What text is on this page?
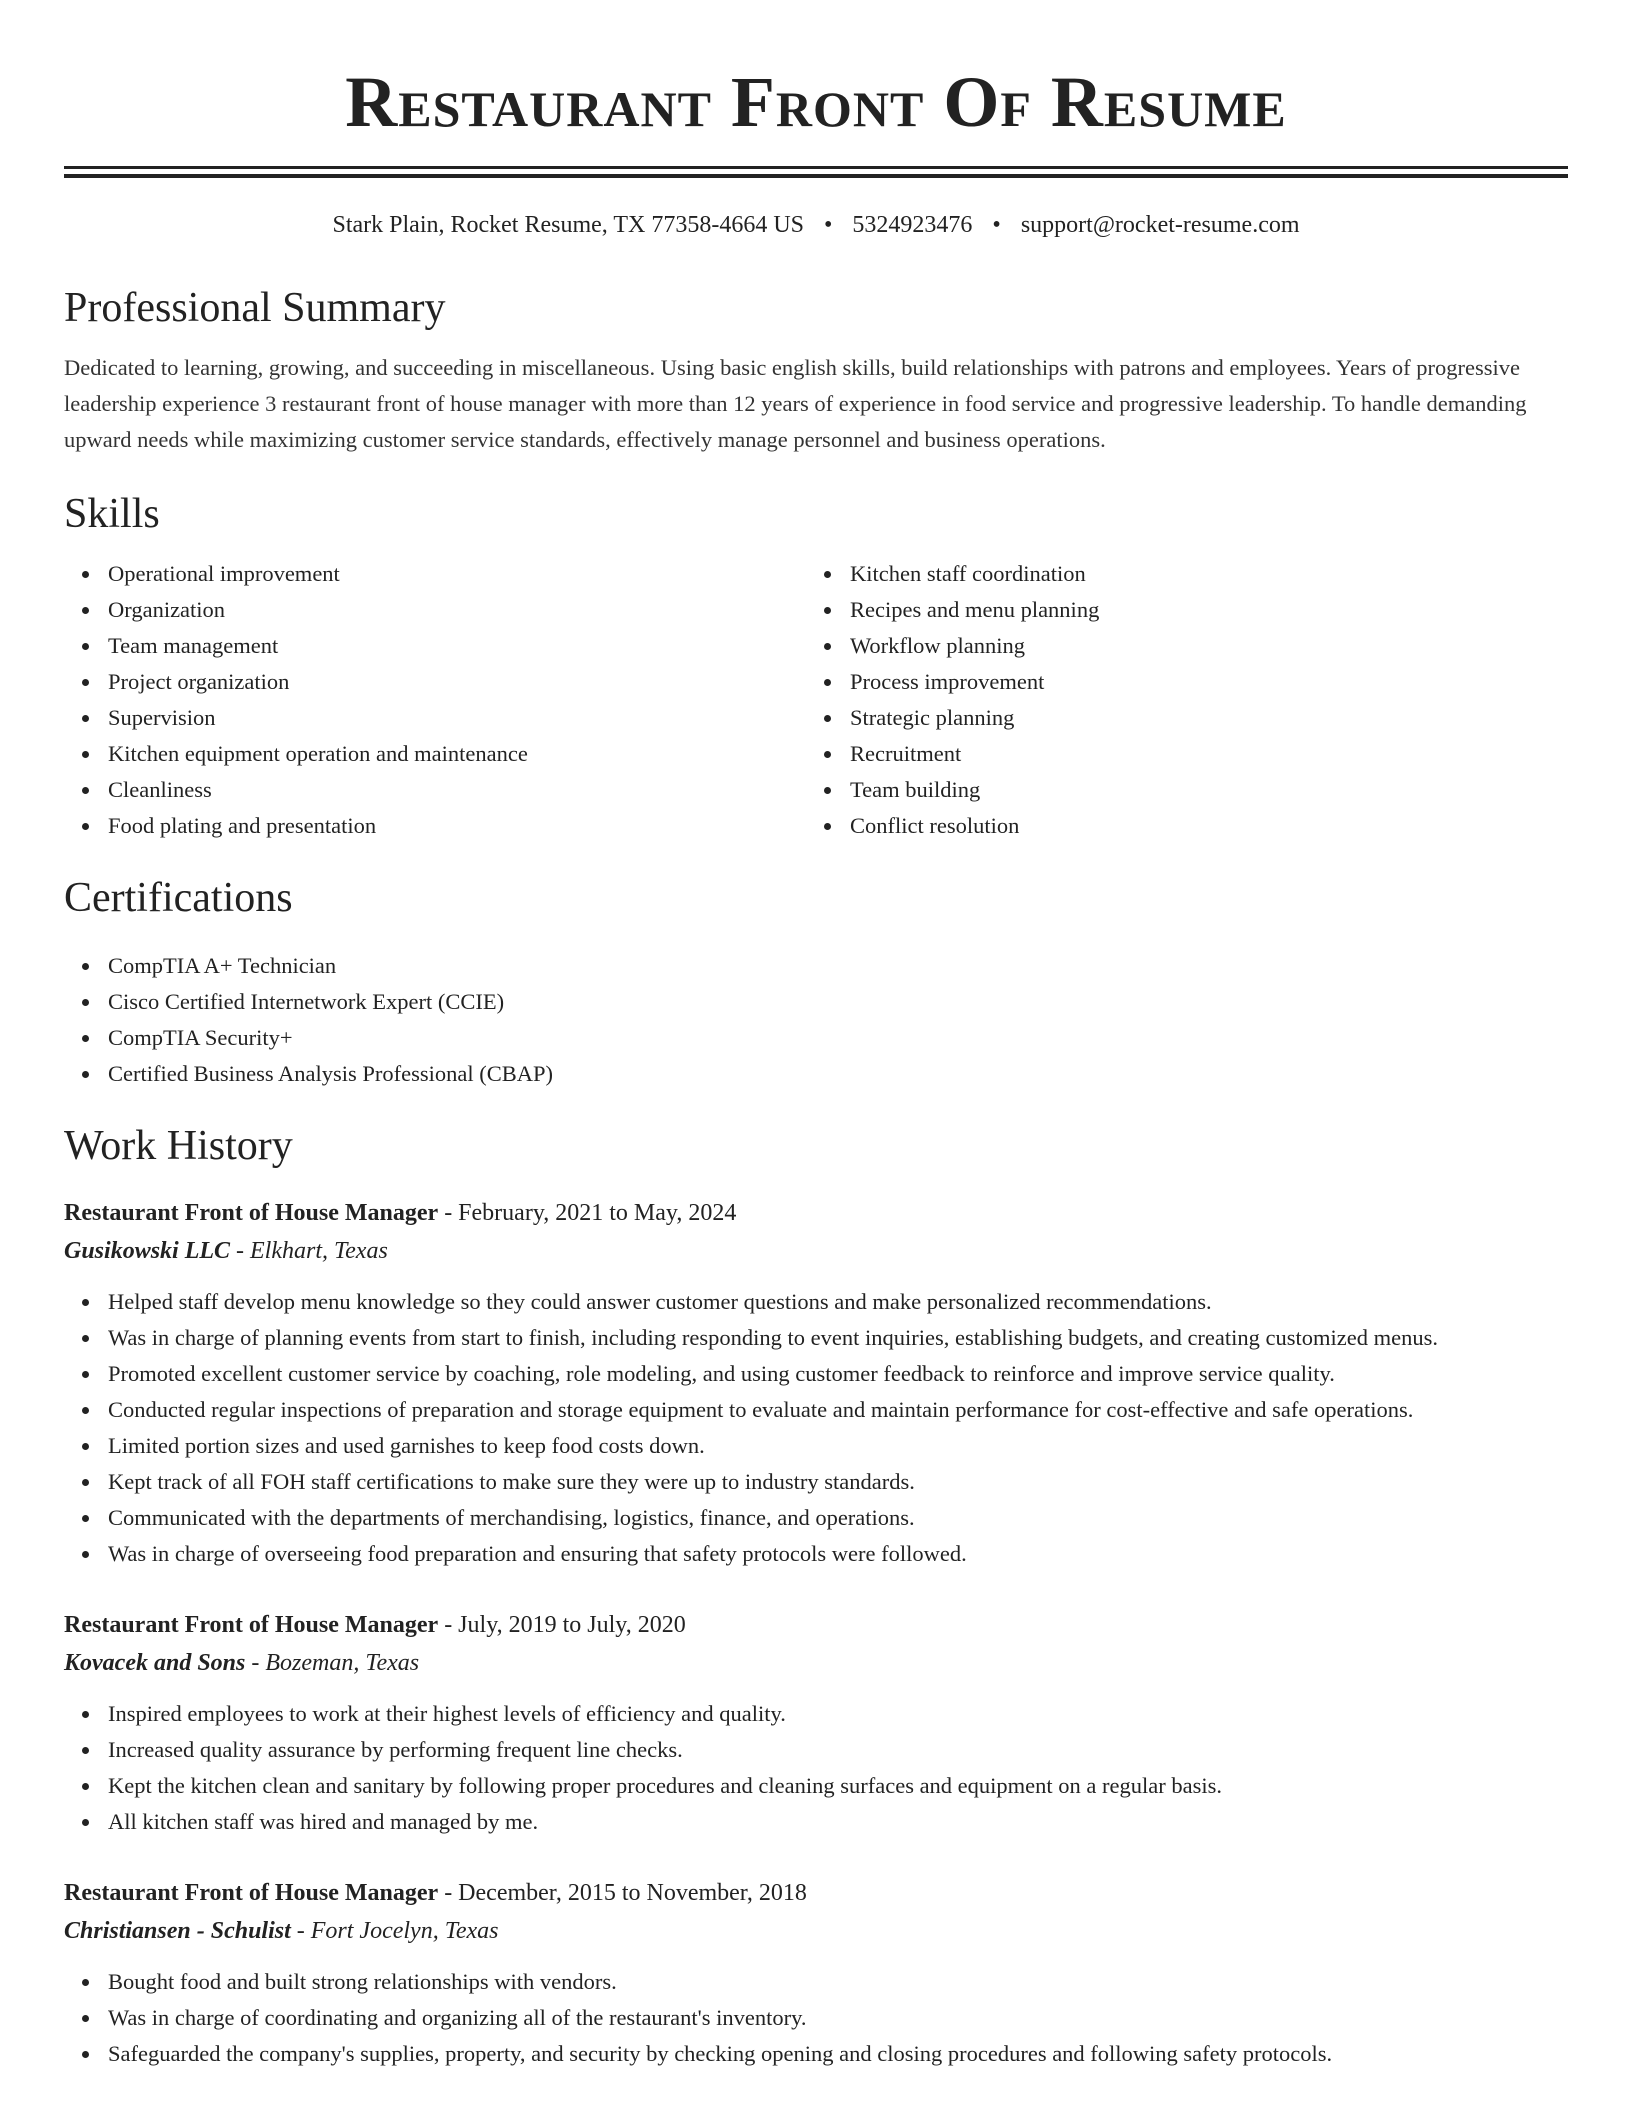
Restaurant Front Of Resume
Stark Plain, Rocket Resume, TX 77358-4664 US • 5324923476 • support@rocket-resume.com
Professional Summary

Dedicated to learning, growing, and succeeding in miscellaneous. Using basic english skills, build relationships with patrons and employees. Years of progressive leadership experience 3 restaurant front of house manager with more than 12 years of experience in food service and progressive leadership. To handle demanding upward needs while maximizing customer service standards, effectively manage personnel and business operations.

Skills
Operational improvement
Organization
Team management
Project organization
Supervision
Kitchen equipment operation and maintenance
Cleanliness
Food plating and presentation
Kitchen staff coordination
Recipes and menu planning
Workflow planning
Process improvement
Strategic planning
Recruitment
Team building
Conflict resolution
Certifications
CompTIA A+ Technician
Cisco Certified Internetwork Expert (CCIE)
CompTIA Security+
Certified Business Analysis Professional (CBAP)
Work History
Restaurant Front of House Manager - February, 2021 to May, 2024
Gusikowski LLC - Elkhart, Texas
Helped staff develop menu knowledge so they could answer customer questions and make personalized recommendations.
Was in charge of planning events from start to finish, including responding to event inquiries, establishing budgets, and creating customized menus.
Promoted excellent customer service by coaching, role modeling, and using customer feedback to reinforce and improve service quality.
Conducted regular inspections of preparation and storage equipment to evaluate and maintain performance for cost-effective and safe operations.
Limited portion sizes and used garnishes to keep food costs down.
Kept track of all FOH staff certifications to make sure they were up to industry standards.
Communicated with the departments of merchandising, logistics, finance, and operations.
Was in charge of overseeing food preparation and ensuring that safety protocols were followed.
Restaurant Front of House Manager - July, 2019 to July, 2020
Kovacek and Sons - Bozeman, Texas
Inspired employees to work at their highest levels of efficiency and quality.
Increased quality assurance by performing frequent line checks.
Kept the kitchen clean and sanitary by following proper procedures and cleaning surfaces and equipment on a regular basis.
All kitchen staff was hired and managed by me.
Restaurant Front of House Manager - December, 2015 to November, 2018
Christiansen - Schulist - Fort Jocelyn, Texas
Bought food and built strong relationships with vendors.
Was in charge of coordinating and organizing all of the restaurant's inventory.
Safeguarded the company's supplies, property, and security by checking opening and closing procedures and following safety protocols.
